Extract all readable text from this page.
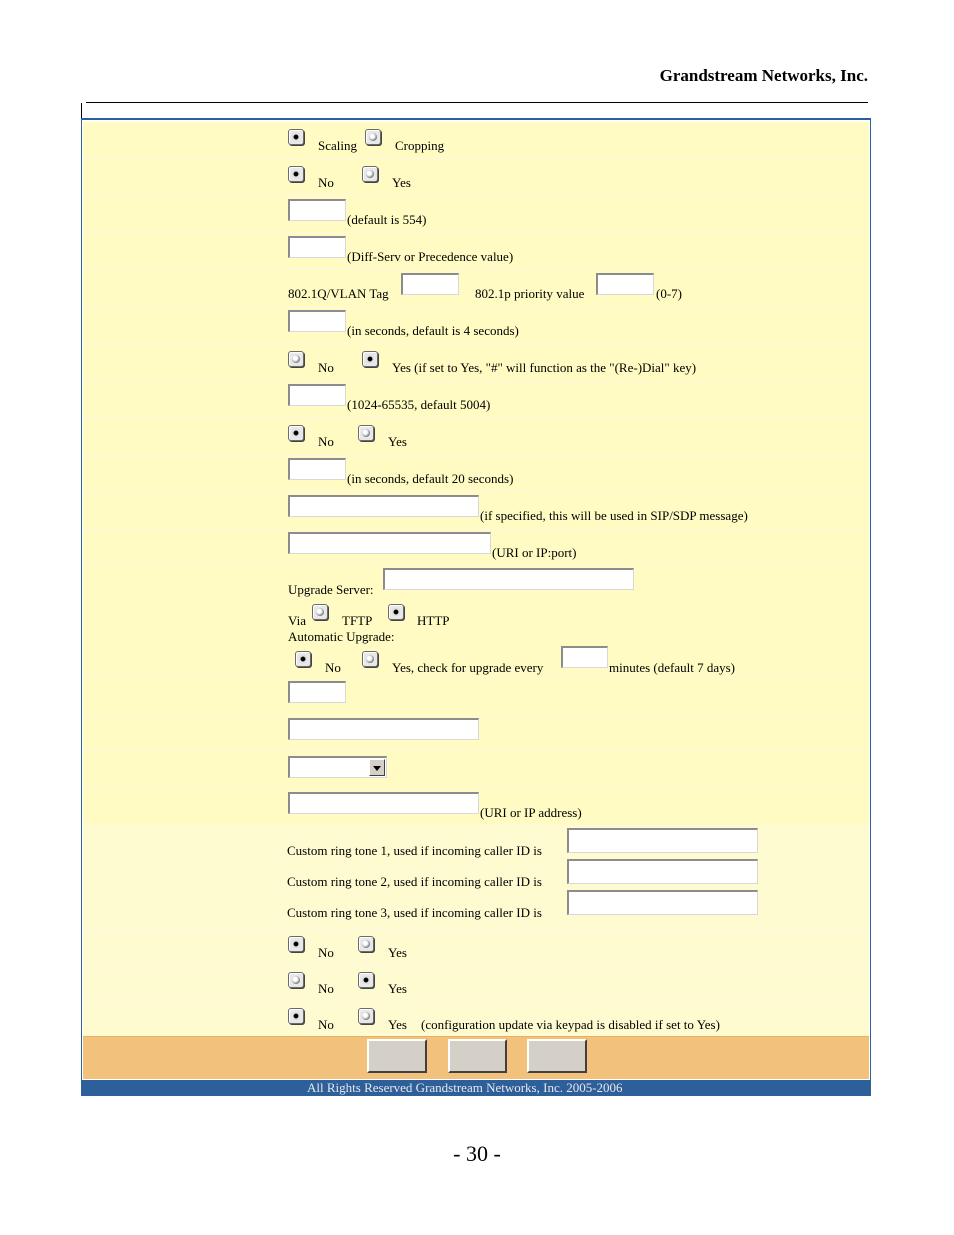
Grandstream Networks, Inc.
Scaling	Cropping
No	Yes
(default is 554)
(Diff-Serv or Precedence value)
802.1Q/VLAN Tag	802.1p priority value	(0-7)
(in seconds, default is 4 seconds)
No	Yes (if set to Yes, "#" will function as the "(Re-)Dial" key)
(1024-65535, default 5004)
No	Yes
(in seconds, default 20 seconds)
(if specified, this will be used in SIP/SDP message)
(URI or IP:port)
Upgrade Server:
Via	TFTP	HTTP
Automatic Upgrade:
No	Yes, check for upgrade every	minutes (default 7 days)
(URI or IP address)
Custom ring tone 1, used if incoming caller ID is
Custom ring tone 2, used if incoming caller ID is
Custom ring tone 3, used if incoming caller ID is
No	Yes
No	Yes
No	Yes (configuration update via keypad is disabled if set to Yes)
All Rights Reserved Grandstream Networks, Inc. 2005-2006
- 30 -
